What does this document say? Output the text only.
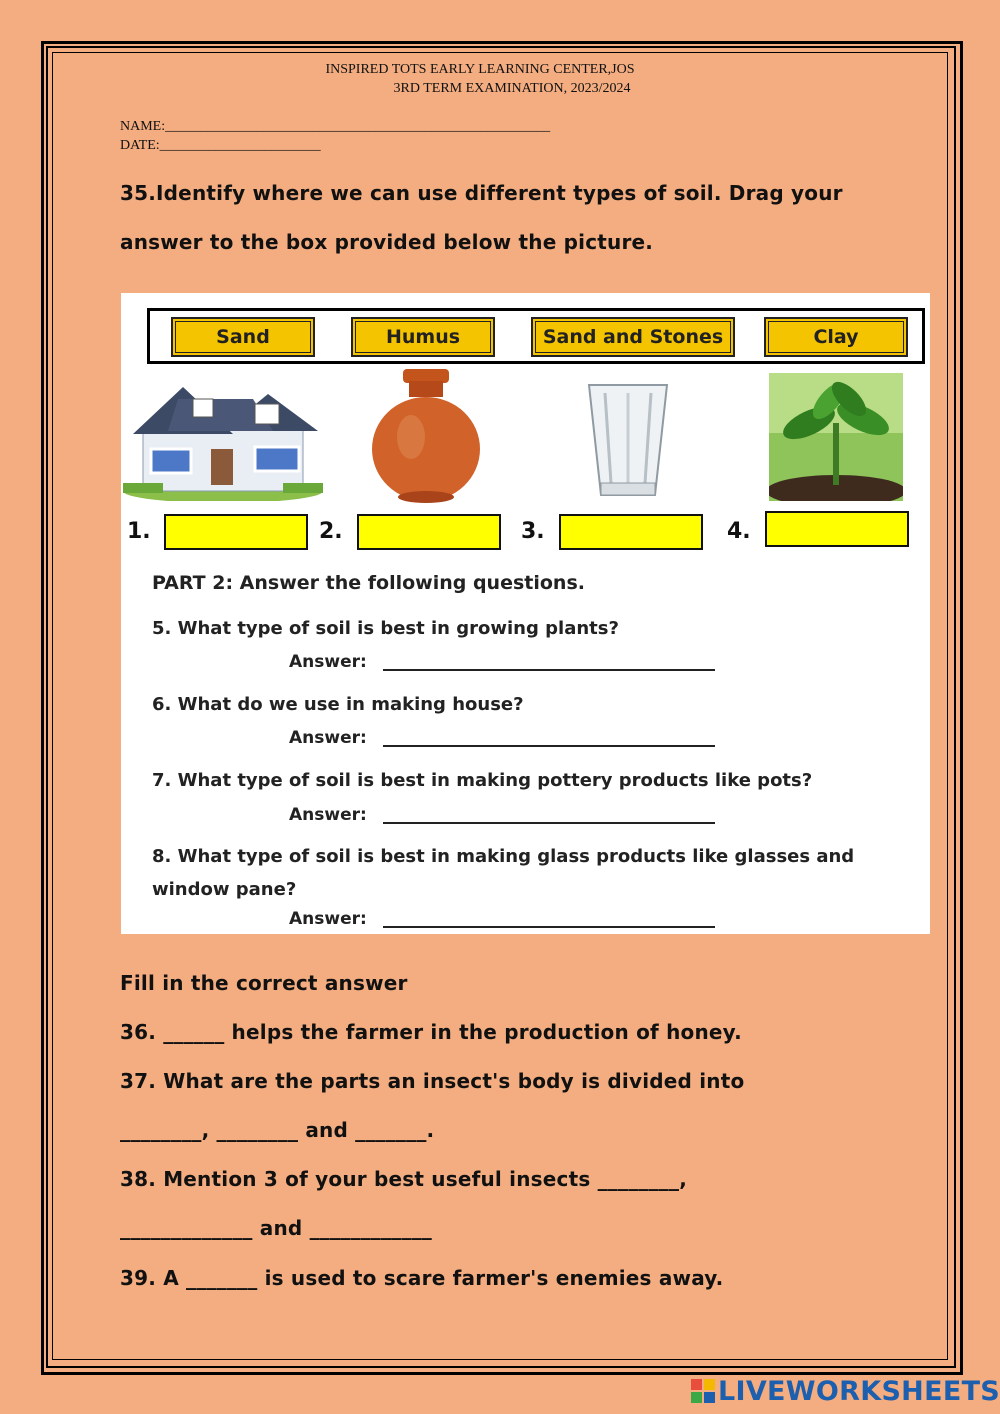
INSPIRED TOTS EARLY LEARNING CENTER,JOS
3RD TERM EXAMINATION, 2023/2024
NAME:_______________________________________________________
DATE:_______________________
35.Identify where we can use different types of soil. Drag your
answer to the box provided below the picture.
Sand	Humus	Sand and Stones	Clay
1.	2.	3.	4.
PART 2: Answer the following questions.
5. What type of soil is best in growing plants?
Answer:
6. What do we use in making house?
Answer:
7. What type of soil is best in making pottery products like pots?
Answer:
8. What type of soil is best in making glass products like glasses and
window pane?
Answer:
Fill in the correct answer
36. ______ helps the farmer in the production of honey.
37. What are the parts an insect's body is divided into
________, ________ and _______.
38. Mention 3 of your best useful insects ________,
_____________ and ____________
39. A _______ is used to scare farmer's enemies away.
LIVEWORKSHEETS
